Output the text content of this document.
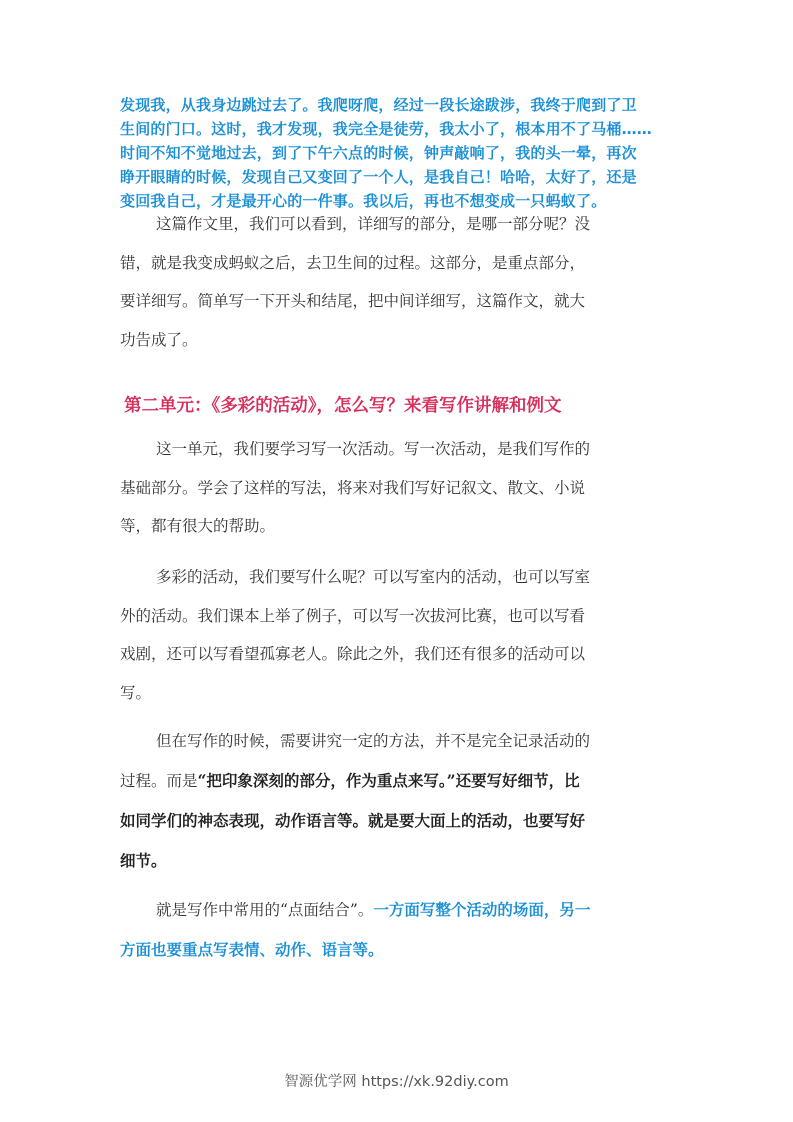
发现我，从我身边跳过去了。我爬呀爬，经过一段长途跋涉，我终于爬到了卫
生间的门口。这时，我才发现，我完全是徒劳，我太小了，根本用不了马桶……
时间不知不觉地过去，到了下午六点的时候，钟声敲响了，我的头一晕，再次
睁开眼睛的时候，发现自己又变回了一个人，是我自己！哈哈，太好了，还是
变回我自己，才是最开心的一件事。我以后，再也不想变成一只蚂蚁了。
这篇作文里，我们可以看到，详细写的部分，是哪一部分呢？没
错，就是我变成蚂蚁之后，去卫生间的过程。这部分，是重点部分，
要详细写。简单写一下开头和结尾，把中间详细写，这篇作文，就大
功告成了。
第二单元：《多彩的活动》，怎么写？来看写作讲解和例文
这一单元，我们要学习写一次活动。写一次活动，是我们写作的
基础部分。学会了这样的写法，将来对我们写好记叙文、散文、小说
等，都有很大的帮助。
多彩的活动，我们要写什么呢？可以写室内的活动，也可以写室
外的活动。我们课本上举了例子，可以写一次拔河比赛，也可以写看
戏剧，还可以写看望孤寡老人。除此之外，我们还有很多的活动可以
写。
但在写作的时候，需要讲究一定的方法，并不是完全记录活动的
过程。而是“把印象深刻的部分，作为重点来写。”还要写好细节，比
如同学们的神态表现，动作语言等。就是要大面上的活动，也要写好
细节。
就是写作中常用的“点面结合”。一方面写整个活动的场面，另一
方面也要重点写表情、动作、语言等。
智源优学网 https://xk.92diy.com
